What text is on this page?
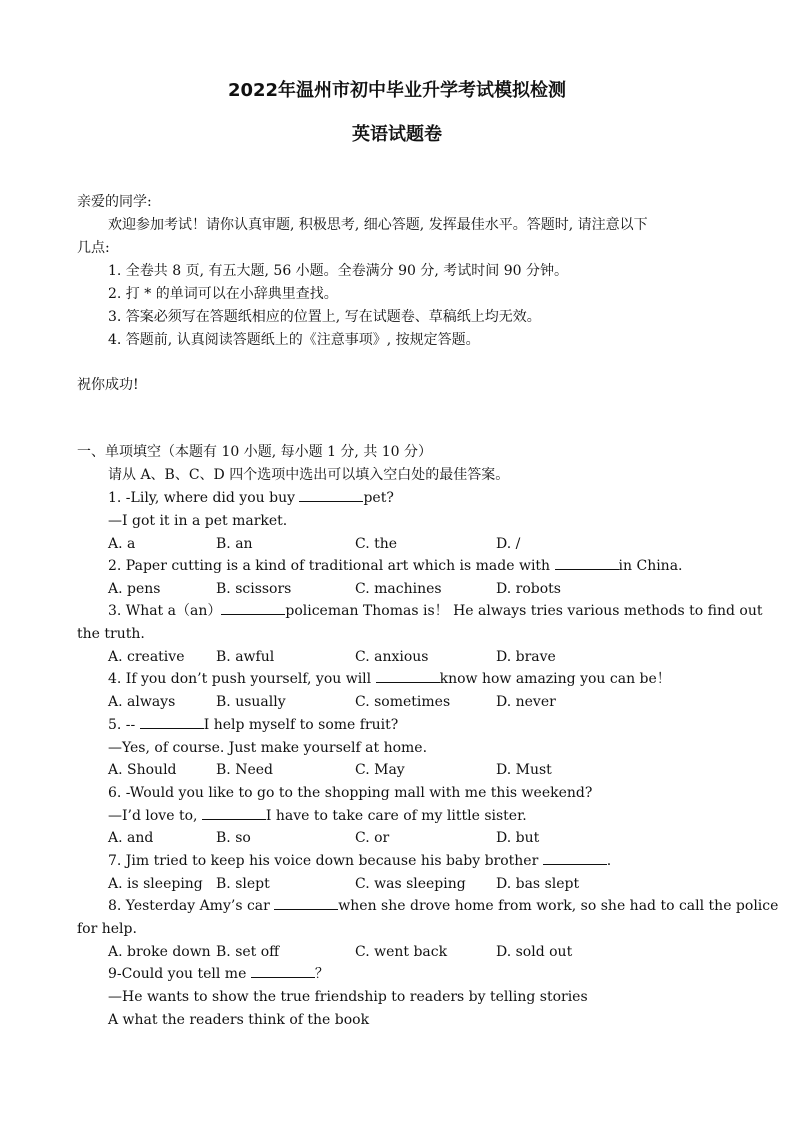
2022年温州市初中毕业升学考试模拟检测
英语试题卷
亲爱的同学:
欢迎参加考试！请你认真审题, 积极思考, 细心答题, 发挥最佳水平。答题时, 请注意以下
几点:
1. 全卷共 8 页, 有五大题, 56 小题。全卷满分 90 分, 考试时间 90 分钟。
2. 打 * 的单词可以在小辞典里查找。
3. 答案必须写在答题纸相应的位置上, 写在试题卷、草稿纸上均无效。
4. 答题前, 认真阅读答题纸上的《注意事项》, 按规定答题。
祝你成功!
一、单项填空（本题有 10 小题, 每小题 1 分, 共 10 分）
请从 A、B、C、D 四个选项中选出可以填入空白处的最佳答案。
1. -Lily, where did you buy	pet?
—I got it in a pet market.
A. a	B. an	C. the	D. /
2. Paper cutting is a kind of traditional art which is made with	in China.
A. pens	B. scissors	C. machines	D. robots
3. What a（an）	policeman Thomas is！ He always tries various methods to find out
the truth.
A. creative B. awful	C. anxious	D. brave
4. If you don’t push yourself, you will	know how amazing you can be！
A. always	B. usually	C. sometimes	D. never
5. --	I help myself to some fruit?
—Yes, of course. Just make yourself at home.
A. Should	B. Need	C. May	D. Must
6. -Would you like to go to the shopping mall with me this weekend?
—I’d love to,	I have to take care of my little sister.
A. and	B. so	C. or	D. but
7. Jim tried to keep his voice down because his baby brother	.
A. is sleeping B. slept	C. was sleeping D. bas slept
8. Yesterday Amy’s car	when she drove home from work, so she had to call the police
for help.
A. broke down B. set off	C. went back	D. sold out
9-Could you tell me	？
—He wants to show the true friendship to readers by telling stories
A what the readers think of the book
